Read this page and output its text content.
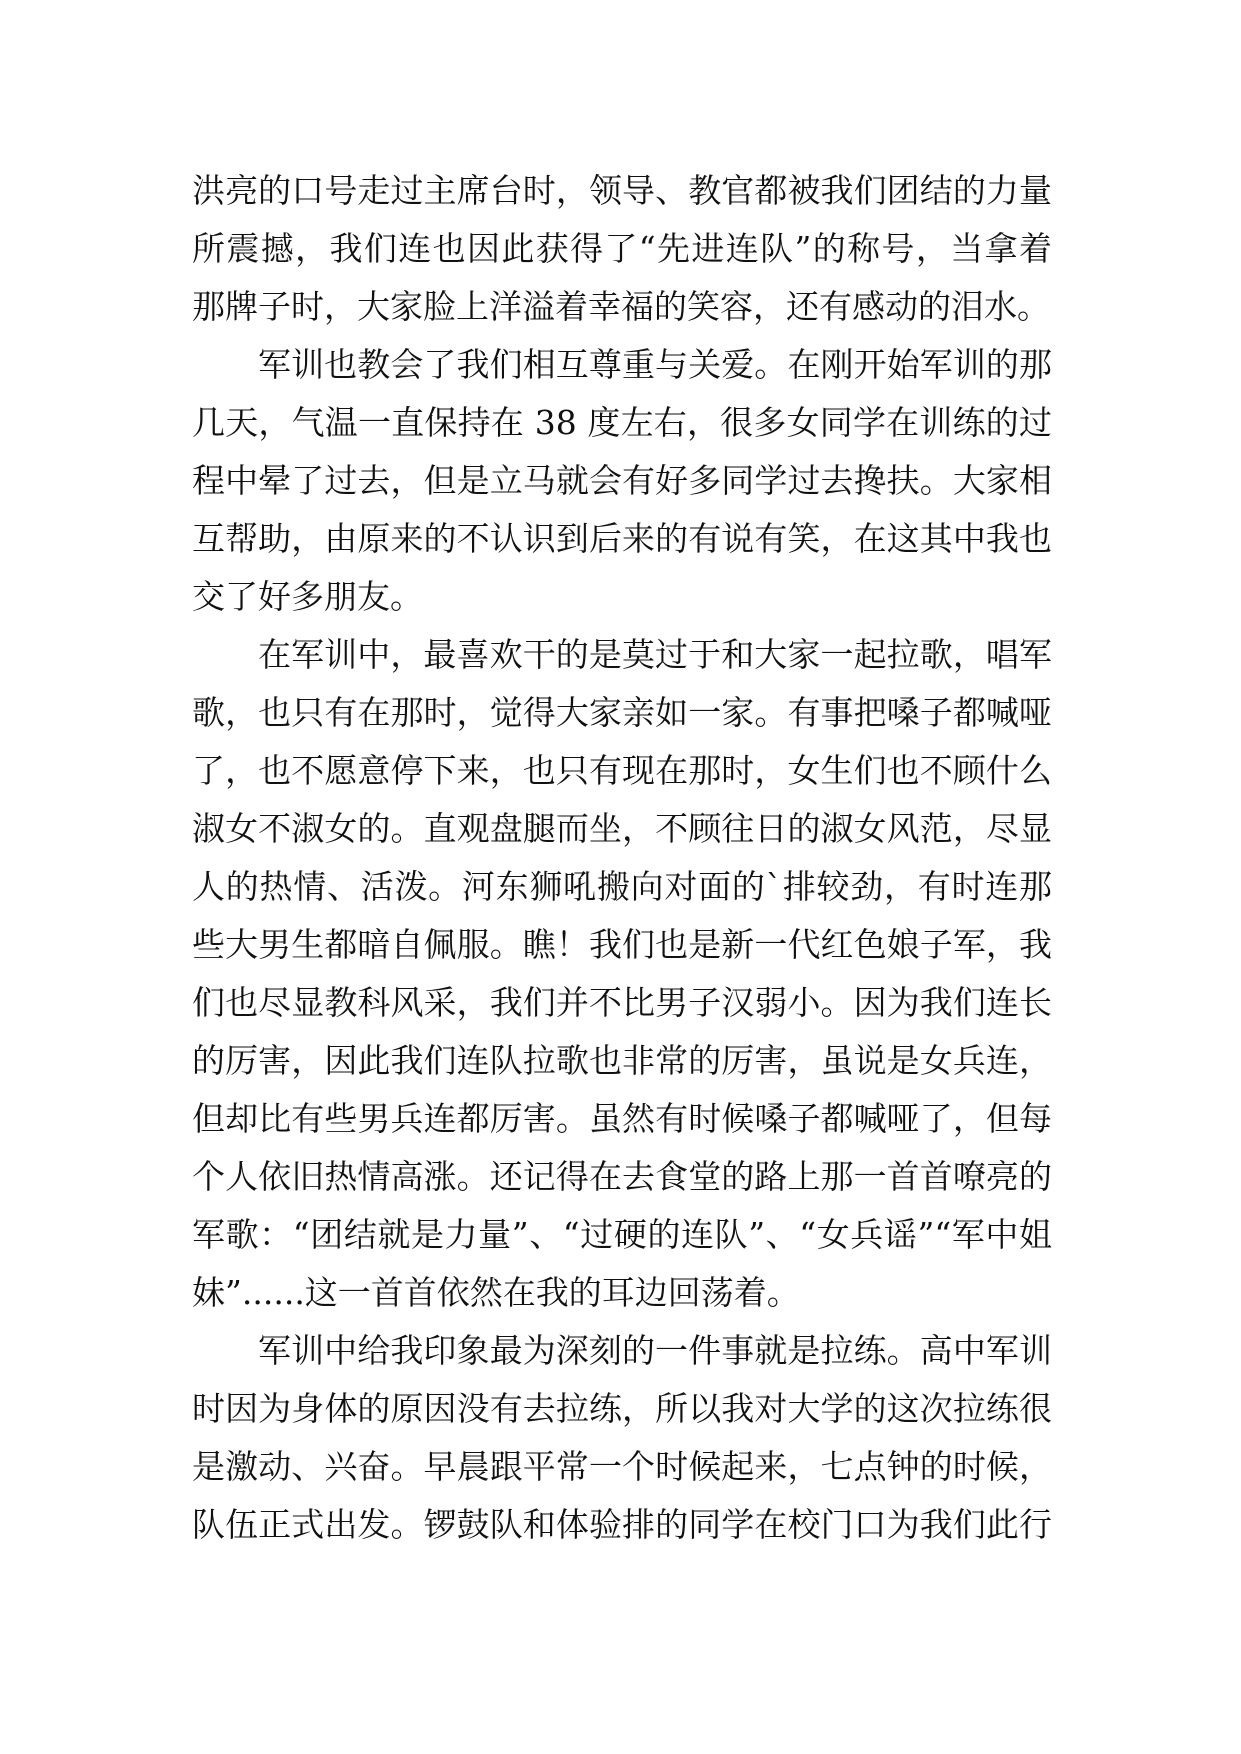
洪亮的口号走过主席台时，领导、教官都被我们团结的力量
所震撼，我们连也因此获得了“先进连队”的称号，当拿着
那牌子时，大家脸上洋溢着幸福的笑容，还有感动的泪水。
军训也教会了我们相互尊重与关爱。在刚开始军训的那
几天，气温一直保持在 38 度左右，很多女同学在训练的过
程中晕了过去，但是立马就会有好多同学过去搀扶。大家相
互帮助，由原来的不认识到后来的有说有笑，在这其中我也
交了好多朋友。
在军训中，最喜欢干的是莫过于和大家一起拉歌，唱军
歌，也只有在那时，觉得大家亲如一家。有事把嗓子都喊哑
了，也不愿意停下来，也只有现在那时，女生们也不顾什么
淑女不淑女的。直观盘腿而坐，不顾往日的淑女风范，尽显
人的热情、活泼。河东狮吼搬向对面的`排较劲，有时连那
些大男生都暗自佩服。瞧！我们也是新一代红色娘子军，我
们也尽显教科风采，我们并不比男子汉弱小。因为我们连长
的厉害，因此我们连队拉歌也非常的厉害，虽说是女兵连，
但却比有些男兵连都厉害。虽然有时候嗓子都喊哑了，但每
个人依旧热情高涨。还记得在去食堂的路上那一首首嘹亮的
军歌：“团结就是力量”、“过硬的连队”、“女兵谣”“军中姐
妹”......这一首首依然在我的耳边回荡着。
军训中给我印象最为深刻的一件事就是拉练。高中军训
时因为身体的原因没有去拉练，所以我对大学的这次拉练很
是激动、兴奋。早晨跟平常一个时候起来，七点钟的时候，
队伍正式出发。锣鼓队和体验排的同学在校门口为我们此行
